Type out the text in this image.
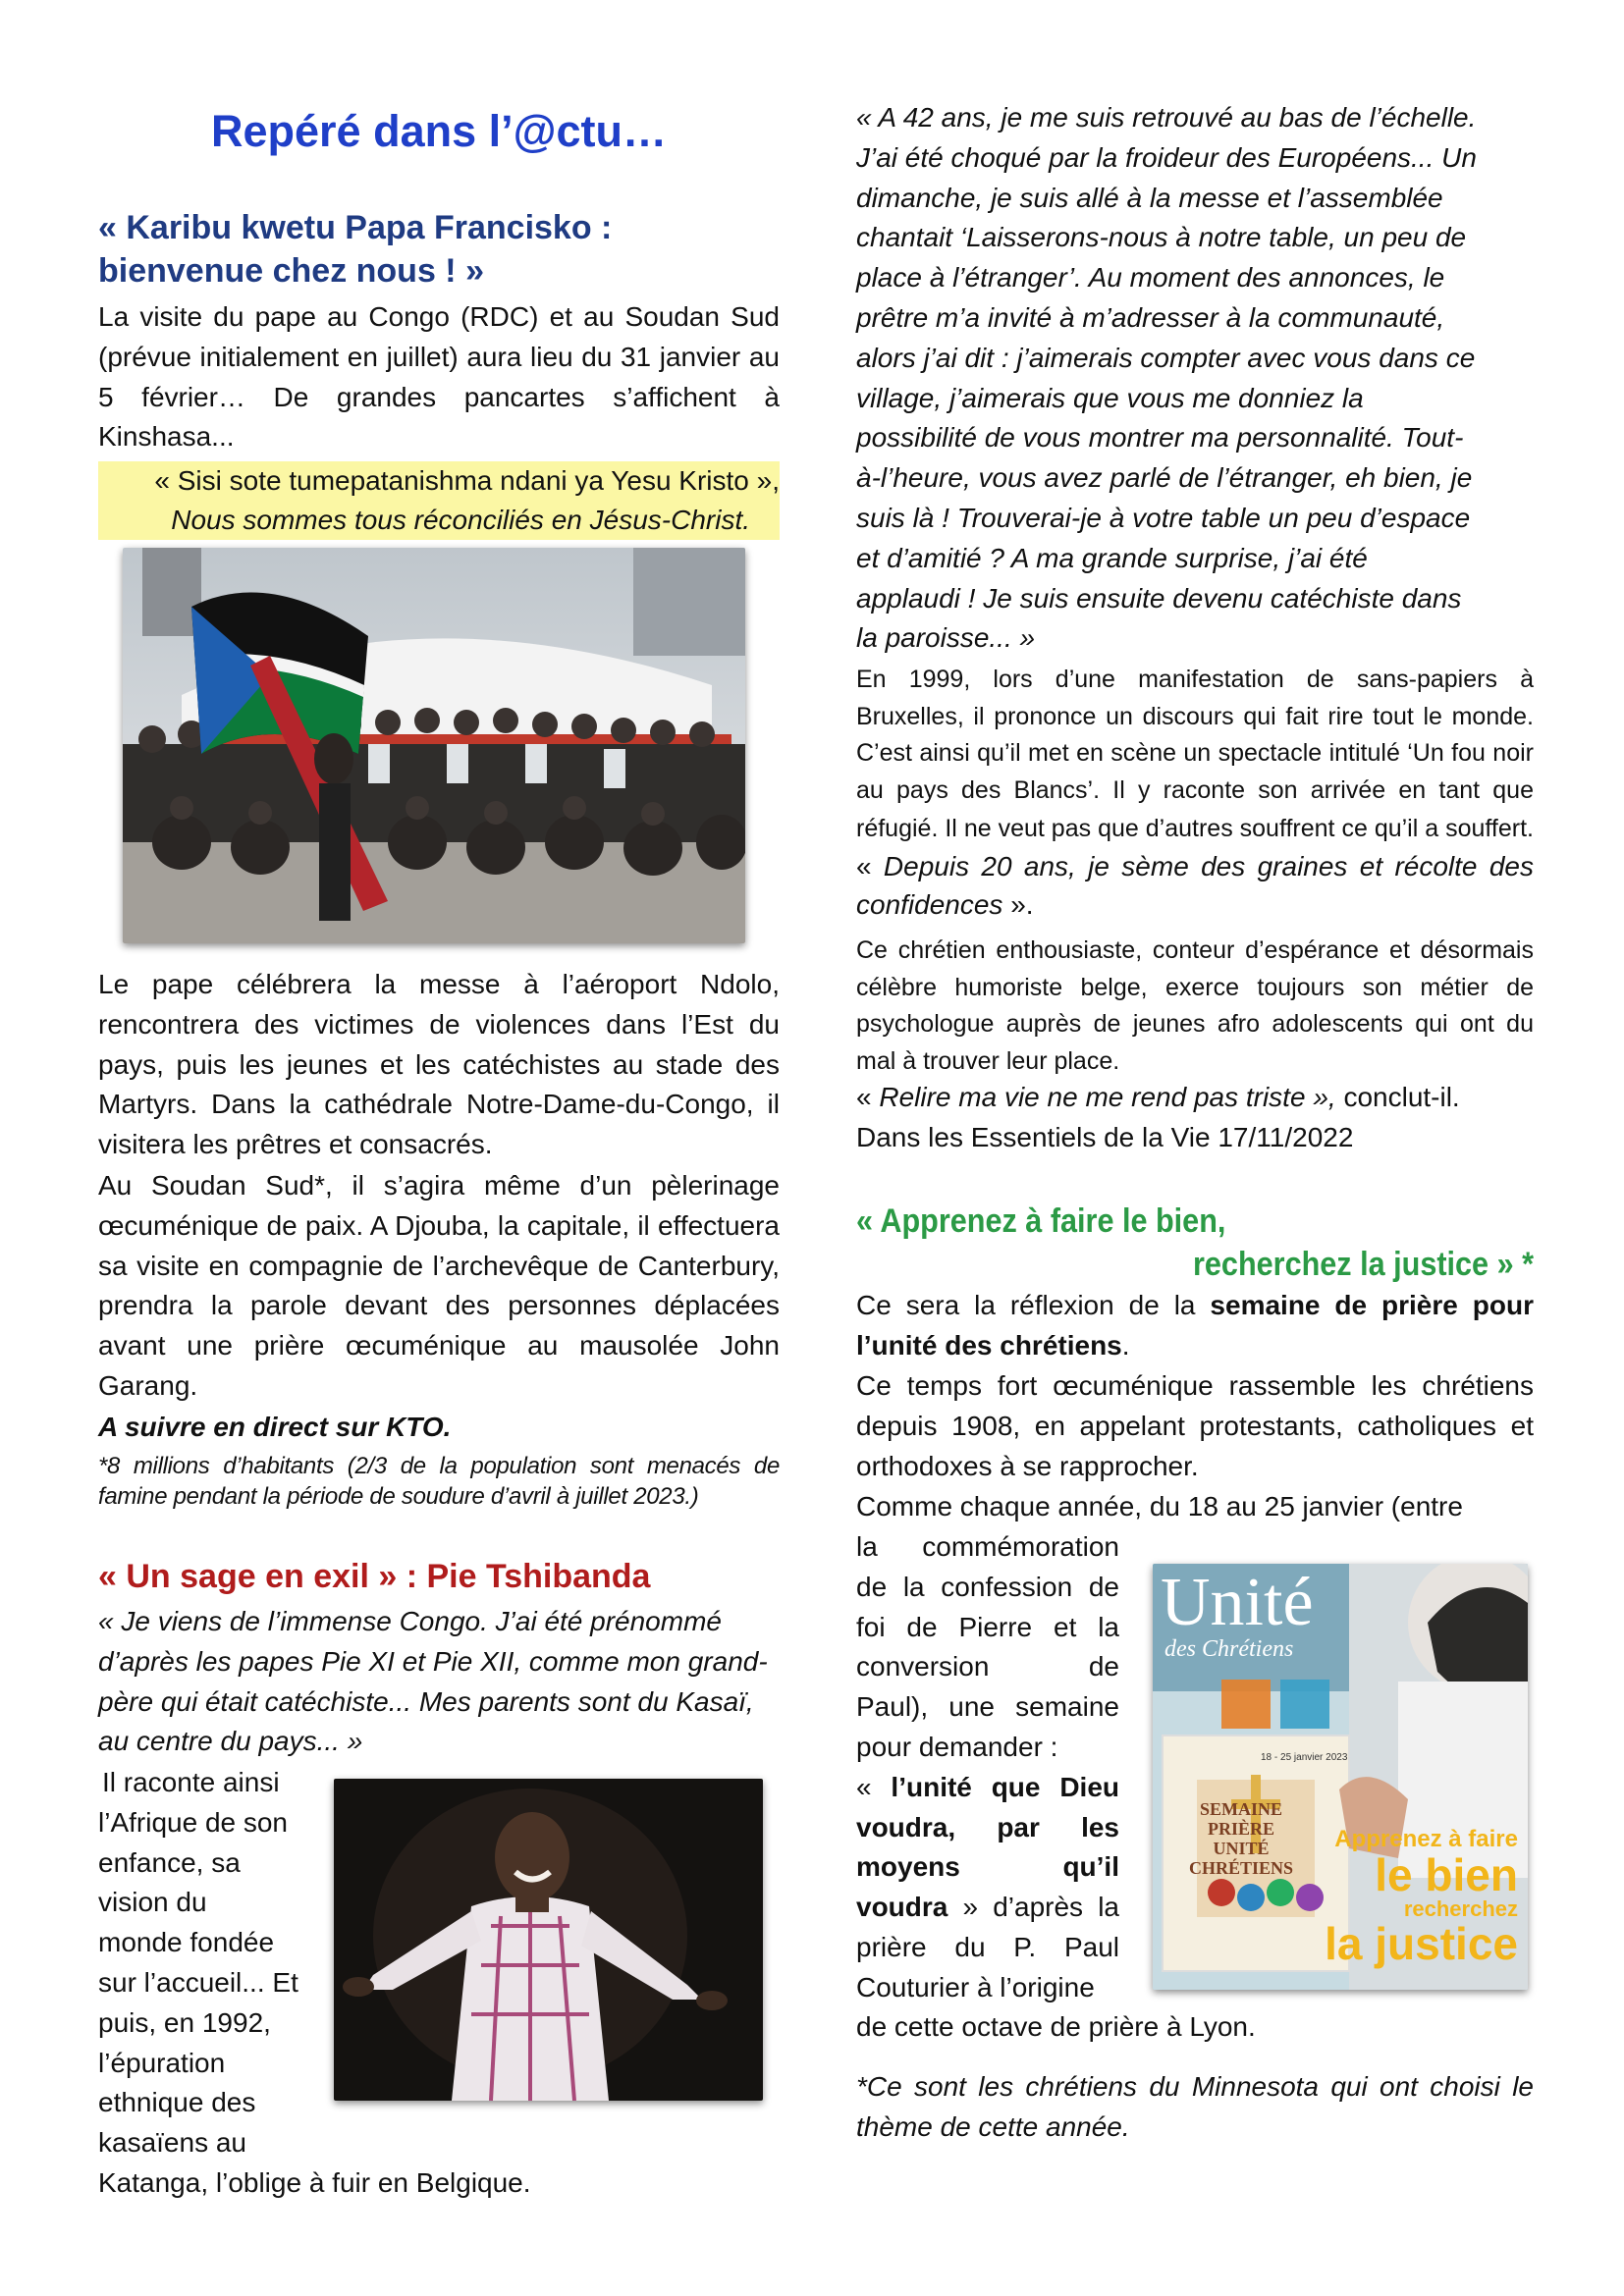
Repéré dans l’@ctu…

« Karibu kwetu Papa Francisko : bienvenue chez nous ! »

La visite du pape au Congo (RDC) et au Soudan Sud (prévue initialement en juillet) aura lieu du 31 janvier au 5 février… De grandes pancartes s’affichent à Kinshasa...
« Sisi sote tumepatanishma ndani ya Yesu Kristo »,
Nous sommes tous réconciliés en Jésus-Christ.
Le pape célébrera la messe à l’aéroport Ndolo, rencontrera des victimes de violences dans l’Est du pays, puis les jeunes et les catéchistes au stade des Martyrs. Dans la cathédrale Notre-Dame-du-Congo, il visitera les prêtres et consacrés.
Au Soudan Sud*, il s’agira même d’un pèlerinage œcuménique de paix. A Djouba, la capitale, il effectuera sa visite en compagnie de l’archevêque de Canterbury, prendra la parole devant des personnes déplacées avant une prière œcuménique au mausolée John Garang.
A suivre en direct sur KTO.
*8 millions d’habitants (2/3 de la population sont menacés de famine pendant la période de soudure d’avril à juillet 2023.)

« Un sage en exil » : Pie Tshibanda

« Je viens de l’immense Congo. J’ai été prénommé d’après les papes Pie XI et Pie XII, comme mon grand-père qui était catéchiste... Mes parents sont du Kasaï, au centre du pays... »
Il raconte ainsi
l’Afrique de son
enfance, sa
vision du
monde fondée
sur l’accueil... Et
puis, en 1992,
l’épuration
ethnique des
kasaïens au
Katanga, l’oblige à fuir en Belgique.
« A 42 ans, je me suis retrouvé au bas de l’échelle.
J’ai été choqué par la froideur des Européens... Un
dimanche, je suis allé à la messe et l’assemblée
chantait ‘Laisserons-nous à notre table, un peu de
place à l’étranger’. Au moment des annonces, le
prêtre m’a invité à m’adresser à la communauté,
alors j’ai dit : j’aimerais compter avec vous dans ce
village, j’aimerais que vous me donniez la
possibilité de vous montrer ma personnalité. Tout-
à-l’heure, vous avez parlé de l’étranger, eh bien, je
suis là ! Trouverai-je à votre table un peu d’espace
et d’amitié ? A ma grande surprise, j’ai été
applaudi ! Je suis ensuite devenu catéchiste dans
la paroisse... »
En 1999, lors d’une manifestation de sans-papiers à Bruxelles, il prononce un discours qui fait rire tout le monde. C’est ainsi qu’il met en scène un spectacle intitulé ‘Un fou noir au pays des Blancs’. Il y raconte son arrivée en tant que réfugié. Il ne veut pas que d’autres souffrent ce qu’il a souffert. « Depuis 20 ans, je sème des graines et récolte des confidences ».
Ce chrétien enthousiaste, conteur d’espérance et désormais célèbre humoriste belge, exerce toujours son métier de psychologue auprès de jeunes afro adolescents qui ont du mal à trouver leur place.
« Relire ma vie ne me rend pas triste », conclut-il.
Dans les Essentiels de la Vie 17/11/2022

« Apprenez à faire le bien,

recherchez la justice » *

Ce sera la réflexion de la semaine de prière pour l’unité des chrétiens.
Ce temps fort œcuménique rassemble les chrétiens depuis 1908, en appelant protestants, catholiques et orthodoxes à se rapprocher.
Comme chaque année, du 18 au 25 janvier (entre
la commémoration
de la confession de
foi de Pierre et la
conversion de
Paul), une semaine
pour demander :
« l’unité que Dieu voudra, par les moyens qu’il voudra » d’après la prière du P. Paul Couturier à l’origine
de cette octave de prière à Lyon.
*Ce sont les chrétiens du Minnesota qui ont choisi le thème de cette année.
Unité
des Chrétiens
SEMAINE
PRIÈRE
UNITÉ
CHRÉTIENS
18 - 25 janvier 2023
Apprenez à faire
le bien
recherchez
la justice
